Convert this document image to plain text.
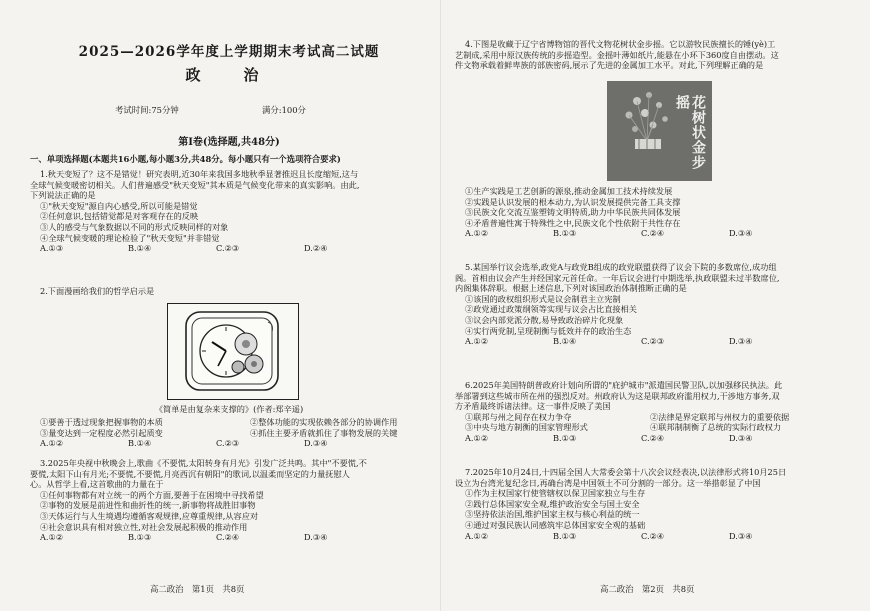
2025—2026学年度上学期期末考试高二试题
政　治
考试时间:75分钟	满分:100分
第Ⅰ卷(选择题,共48分)
一、单项选择题(本题共16小题,每小题3分,共48分。每小题只有一个选项符合要求)

1.秋天变短了？这不是错觉！研究表明,近30年来我国多地秋季显著推迟且长度缩短,这与

全球气候变暖密切相关。人们普遍感受"秋天变短"其本质是气候变化带来的真实影响。由此,

下列说法正确的是

①"秋天变短"源自内心感受,所以可能是错觉

②任何意识,包括错觉都是对客观存在的反映

③人的感受与气象数据以不同的形式反映同样的对象

④全球气候变暖的理论检验了"秋天变短"并非错觉

A.①③	B.①④	C.②③	D.②④

2.下面漫画给我们的哲学启示是

《简单是由复杂来支撑的》(作者:郑辛遥)
①要善于透过现象把握事物的本质	②整体功能的实现依赖各部分的协调作用
③量变达到一定程度必然引起质变	④抓住主要矛盾就抓住了事物发展的关键
A.①②	B.①④	C.②③	D.③④

3.2025年央视中秋晚会上,歌曲《不要慌,太阳转身有月光》引发广泛共鸣。其中"不要慌,不

要慌,太阳下山有月光;不要慌,不要慌,月亮西沉有朝阳"的歌词,以温柔而坚定的力量抚慰人

心。从哲学上看,这首歌曲的力量在于

①任何事物都有对立统一的两个方面,要善于在困境中寻找希望

②事物的发展是前进性和曲折性的统一,新事物将战胜旧事物

③天体运行与人生境遇均遵循客观规律,应尊重规律,从容应对

④社会意识具有相对独立性,对社会发展起积极的推动作用

A.①②	B.①③	C.②④	D.③④
高二政治　第1页　共8页

4.下图是收藏于辽宁省博物馆的晋代文物花树状金步摇。它以游牧民族擅长的锤(yè)工

艺制成,采用中原汉族传统的步摇造型。金摇叶薄如纸片,能悬在小环下360度自由摆动。这

件文物承载着鲜卑族的部族密码,展示了先进的金属加工水平。对此,下列理解正确的是

花树状金步摇

①生产实践是工艺创新的源泉,推动金属加工技术持续发展

②实践是认识发展的根本动力,为认识发展提供完备工具支撑

③民族文化交流互鉴塑铸文明特质,助力中华民族共同体发展

④矛盾普遍性寓于特殊性之中,民族文化个性依附于共性存在

A.①②	B.①③	C.②④	D.③④

5.某国举行议会选举,政党A与政党B组成的政党联盟获得了议会下院的多数席位,成功组

阁。首相由议会产生并经国家元首任命。一年后议会进行中期选举,执政联盟未过半数席位,

内阁集体辞职。根据上述信息,下列对该国政治体制推断正确的是

①该国的政权组织形式是议会制君主立宪制

②政党通过政策纲领等实现与议会占比直接相关

③议会内部党派分散,易导致政治碎片化现象

④实行两党制,呈现制衡与低效并存的政治生态

A.①②	B.①④	C.②③	D.③④

6.2025年美国特朗普政府计划向所谓的"庇护城市"派遣国民警卫队,以加强移民执法。此

举部署到这些城市所在州的强烈反对。州政府认为这是联邦政府滥用权力,干涉地方事务,双

方矛盾最终诉诸法律。这一事件反映了美国

①联邦与州之间存在权力争夺	②法律是界定联邦与州权力的重要依据
③中央与地方制衡的国家管理形式	④联邦制制衡了总统的实际行政权力
A.①②	B.①③	C.②④	D.③④

7.2025年10月24日,十四届全国人大常委会第十八次会议经表决,以法律形式将10月25日

设立为台湾光复纪念日,再确台湾是中国领土不可分割的一部分。这一举措彰显了中国

①作为主权国家行使管辖权以保卫国家独立与生存

②践行总体国家安全观,维护政治安全与国土安全

③坚持依法治国,维护国家主权与核心利益的统一

④通过对强民族认同感筑牢总体国家安全观的基础

A.①②	B.①③	C.②④	D.③④
高二政治　第2页　共8页
